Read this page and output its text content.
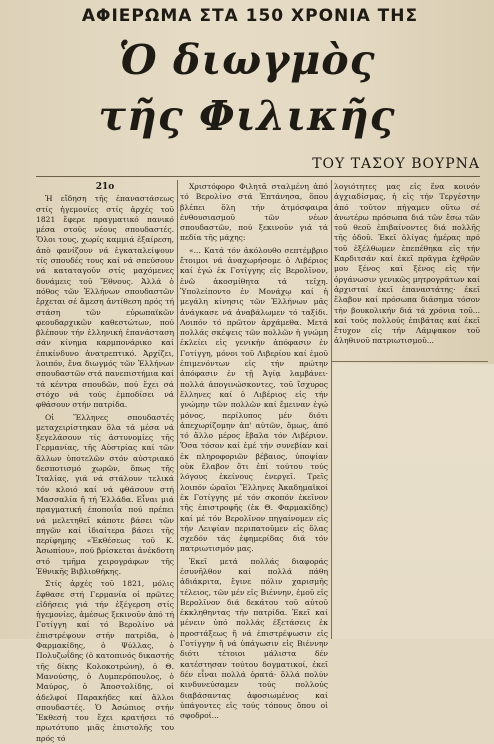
ΑΦΙΕΡΩΜΑ ΣΤΑ 150 ΧΡΟΝΙΑ ΤΗΣ
Ὁ διωγμὸς
τῆς Φιλικῆς
ΤΟΥ ΤΑΣΟΥ ΒΟΥΡΝΑ

21ο

Ἡ εἴδηση τῆς ἐπαναστάσεως στίς ἡγεμονίες στίς ἀρχές τοῦ 1821 ἔφερε πραγματικό πανικό μέσα στούς νέους σπουδαστές. Ὅλοι τους, χωρίς καμμιά ἐξαίρεση, ἀπὸ φανίζουν νά ἐγκαταλείψουν τίς σπουδές τους καί νά σπεύσουν νά καταταγοῦν στίς μαχόμενες δυνάμεις τοῦ Ἔθνους. Ἀλλά ὁ πόθος τῶν Ἑλλήνων σπουδαστῶν ἔρχεται σέ ἄμεση ἀντίθεση πρός τή στάση τῶν εὐρωπαϊκῶν φεουδαρχικῶν καθεστώτων, πού βλέπουν τήν ἑλληνική ἐπανάσταση σάν κίνημα καρμπονάρικο καί ἐπικίνδυνο ἀνατρεπτικό. Ἀρχίζει, λοιπόν, ἕνα διωγμός τῶν Ἑλλήνων σπουδαστῶν στά πανεπιστήμια καί τά κέντρα σπουδῶν, πού ἔχει σά στόχο νά τούς ἐμποδίσει νά φθάσουν στήν πατρίδα.

Οἱ Ἕλληνες σπουδαστές μεταχειρίστηκαν ὅλα τά μέσα νά ξεγελάσουν τίς ἀστυνομίες τῆς Γερμανίας, τῆς Αὐστρίας καί τῶν ἄλλων ὑποτελῶν στόν αὐστριακό δεσποτισμό χωρῶν, ὅπως τῆς Ἰταλίας, γιά νά στάλουν τελικά τόν κλοιό καί νά φθάσουν στή Μασσαλία ἤ τή Ἑλλάδα. Εἶναι μιά πραγματική ἐποποιΐα πού πρέπει νά μελετηθεῖ κάποτε βάσει τῶν πηγῶν καί ἰδιαίτερα βάσει τῆς περίφημης «Ἐκθέσεως τοῦ Κ. Ἀσωπίου», πού βρίσκεται ἀνέκδοτη στό τμῆμα χειρογράφων τῆς Ἐθνικῆς Βιβλιοθήκης.

Στίς ἀρχές τοῦ 1821, μόλις ἔφθασε στή Γερμανία οἱ πρῶτες εἰδήσεις γιά τήν ἐξέγερση στίς ἡγεμονίες, ἀμέσως ξεκινοῦν ἀπό τή Γοτίγγη καί τό Βερολίνο νά ἐπιστρέψουν στήν πατρίδα, ὁ Φαρμακίδης, ὁ Ψύλλας, ὁ Πολυζωΐδης (ὁ κατοπινός δικαστής τῆς δίκης Κολοκοτρώνη), ὁ Θ. Μανούσης, ὁ Λυμπερόπουλος, ὁ Μαύρος, ὁ Ἀποστολίδης, οἱ ἀδελφοί Παρακήδες καί ἄλλοι σπουδαστές. Ὁ Ἀσώπιος στήν Ἔκθεσή του ἔχει κρατήσει τό πρωτότυπο μιᾶς ἐπιστολῆς του πρός τό

Χριστόφορο Φιλητᾶ σταλμένη ἀπό τό Βερολίνο στά Ἐπτάνησα, ὅπου βλέπει ὅλη τήν ἀτμόσφαιρα ἐνθουσιασμοῦ τῶν νέων σπουδαστῶν, πού ξεκινοῦν γιά τά πεδία τῆς μάχης:

«... Κατά τόν ἀκόλουθο σεπτέμβριο ἔτοιμοι νά ἀναχωρήσομε ὁ Λιβέριος καί ἐγώ ἐκ Γοτίγγης εἰς Βερολῖνον, ἐνῶ ἀκοσμίθητα τά τεῖχη. Ὑπολείποντο ἐν Μονάχῳ καί ἡ μεγάλη κίνησις τῶν Ἑλλήνων μᾶς ἀνάγκασε νά ἀναβάλωμεν τό ταξίδι. Λοιπόν τό πρῶτον ἀρχάμεθα. Μετά πολλάς σκέψεις τῶν πολλῶν ἡ γνώμη ἐκλείει εἰς γενικήν ἀπόφασιν ἐν Γοτίγγη, μόνοι τοῦ Λιβερίου καί ἐμοῦ ἐπιμενόντων εἰς τήν πρώτην ἀπόφασιν ἐν τῇ Ἀγίᾳ λαμβάνει· πολλά ἀπογινώσκοντες, τοῦ ἴσχυρος ἕλληνες καί ὁ Λιβέριος εἰς τήν γνώμην τῶν πολλῶν καί ἔμειναν ἐγώ μόνος, περίλυπος μέν διότι ἀπεχωρίζομην ἀπ' αὐτῶν, ὅμως, ἀπό τό ἄλλο μέρος ἔβαλα τόν Λιβέριον. Ὅσα τόσον καί ἐμέ τήν συνεβίαν καί ἐκ πληροφοριῶν βέβαιος, ὑποψίαν οὐκ ἔλαβον ὅτι ἐπί τούτου τούς λόγους ἐκείνους ἐνεργεῖ. Τρεῖς λοιπόν ὡραῖοι Ἕλληνες Ἀκαδημαϊκοί ἐκ Γοτίγγης μέ τόν σκοπόν ἐκεῖνον τῆς ἐπιστροφῆς (ἐκ Θ. Φαρμακίδης) καί μέ τόν Βερολῖνον πηγαίνομεν εἰς τήν Λειψίαν περιπατοῦμεν εἰς ὅλας σχεδόν τάς ἐφημερίδας διά τόν πατριωτισμόν μας.

Ἐκεῖ μετά πολλάς διαφοράς ἐσυνῆλθον καί πολλά πάθη ἀδιάκριτα, ἔγινε πόλιν χαρισμῆς τέλειος, τῶν μέν εἰς Βιέννην, ἐμοῦ εἰς Βερολῖνον διά δεκάτου τοῦ αὐτοῦ ἐκκληθηντας τήν πατρίδα. Ἐκεῖ καί μένειν ὑπό πολλάς ἐξετάσεις ἐκ προστάξεως ἤ νά ἐπιστρέψωσιν εἰς Γοτίγγην ἤ νά ὑπάγωσιν εἰς Βιέννην διότι τέτοιοι μάλιστα δέν κατέστησαν τούτου δογματικοί, ἐκεῖ δέν εἶναι πολλά ὁρατά· ὅλλά πολύν κινδυνεύσαμεν τούς πολλούς διαβάσαντας ἀφοσιωμένος καί ὑπάγοντες εἰς τούς τόπους ὅπου οἱ σφοδροί...

λογιότητες μας εἰς ἕνα κοινόν ἀγχιαδίσμας, ἡ εἰς τήν Τεργέστην ἀπό τοῦτον πήγαμεν οὕτω σέ ἀνωτέρω πρόσωπα διά τῶν ἔσω τῶν τοῦ θεοῦ ἐπιβαίνοντες διά πολλῆς τῆς ὁδοῦ. Ἐκεῖ ὁλίγας ἡμέρας πρό τοῦ ἐξέλθωμεν ἐπεπέθηκα εἰς τήν Καρδιτσάν καί ἐκεῖ πρᾶγμα ἐχθρῶν μου ξένος καί ξένος εἰς τήν ὀργάνωσιν γενικῶς μητρογράτων καί ἀρχισταί ἐκεῖ ἐπαναστάτης· ἐκεῖ ἔλαβον καί πρόσωπα διάσημα τόσον τήν βουκολικήν διά τά χρόνια τοῦ... καί τούς πολλούς ἐπιβάτας καί ἐκεῖ ἔτυχον εἰς τήν Λάμψακον τοῦ ἀληθινοῦ πατριωτισμοῦ...
